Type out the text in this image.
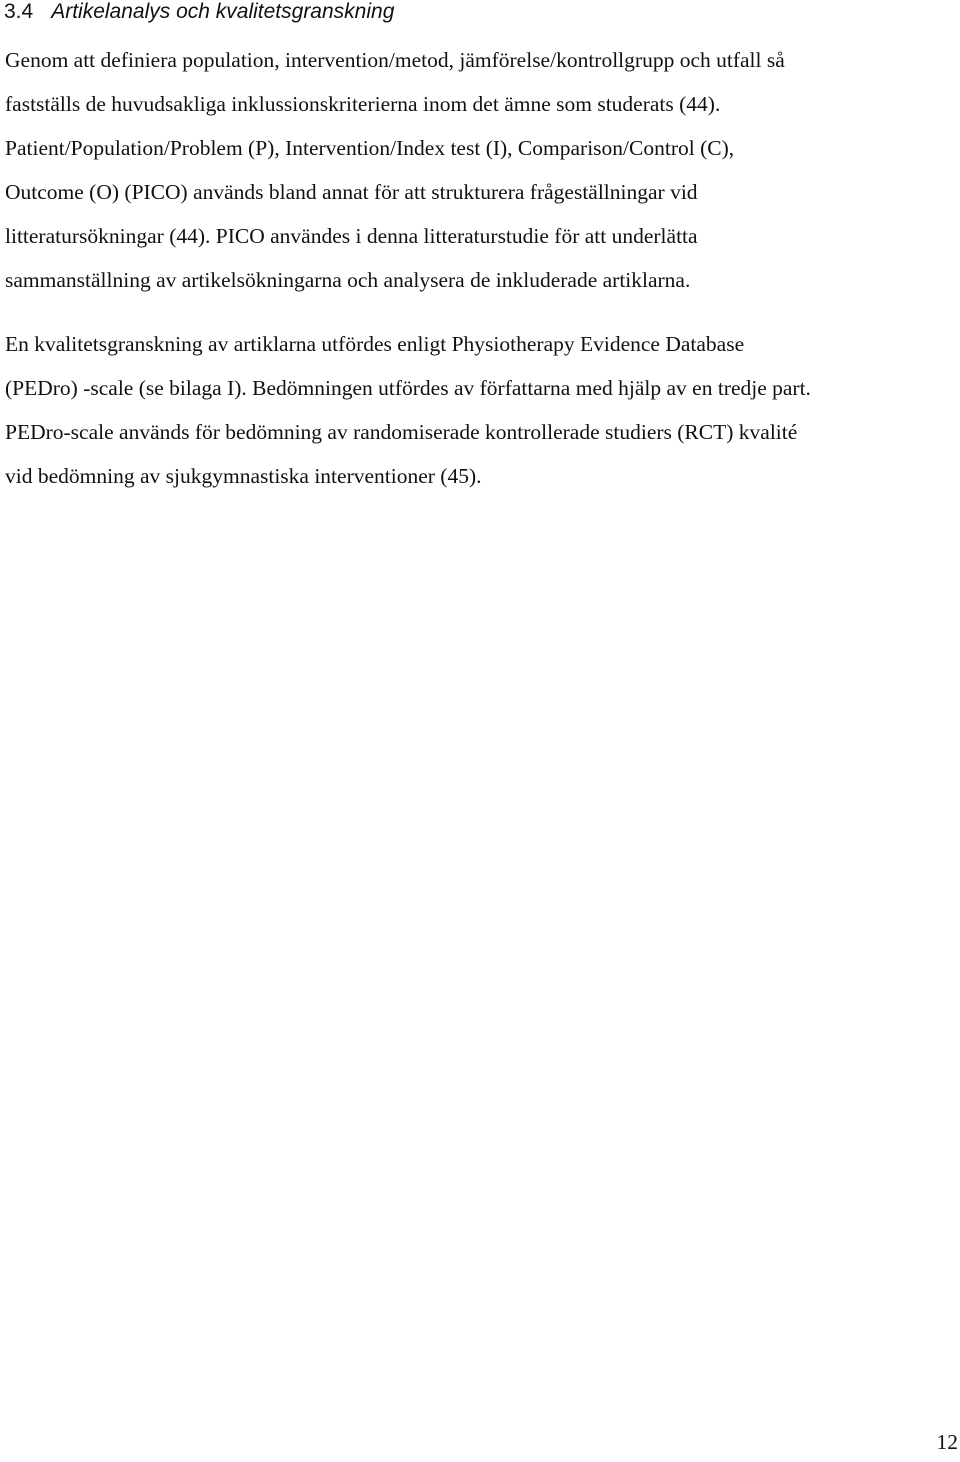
3.4 Artikelanalys och kvalitetsgranskning

Genom att definiera population, intervention/metod, jämförelse/kontrollgrupp och utfall så
fastställs de huvudsakliga inklussionskriterierna inom det ämne som studerats (44).
Patient/Population/Problem (P), Intervention/Index test (I), Comparison/Control (C),
Outcome (O) (PICO) används bland annat för att strukturera frågeställningar vid
litteratursökningar (44). PICO användes i denna litteraturstudie för att underlätta
sammanställning av artikelsökningarna och analysera de inkluderade artiklarna.

En kvalitetsgranskning av artiklarna utfördes enligt Physiotherapy Evidence Database
(PEDro) -scale (se bilaga I). Bedömningen utfördes av författarna med hjälp av en tredje part.
PEDro-scale används för bedömning av randomiserade kontrollerade studiers (RCT) kvalité
vid bedömning av sjukgymnastiska interventioner (45).

12
